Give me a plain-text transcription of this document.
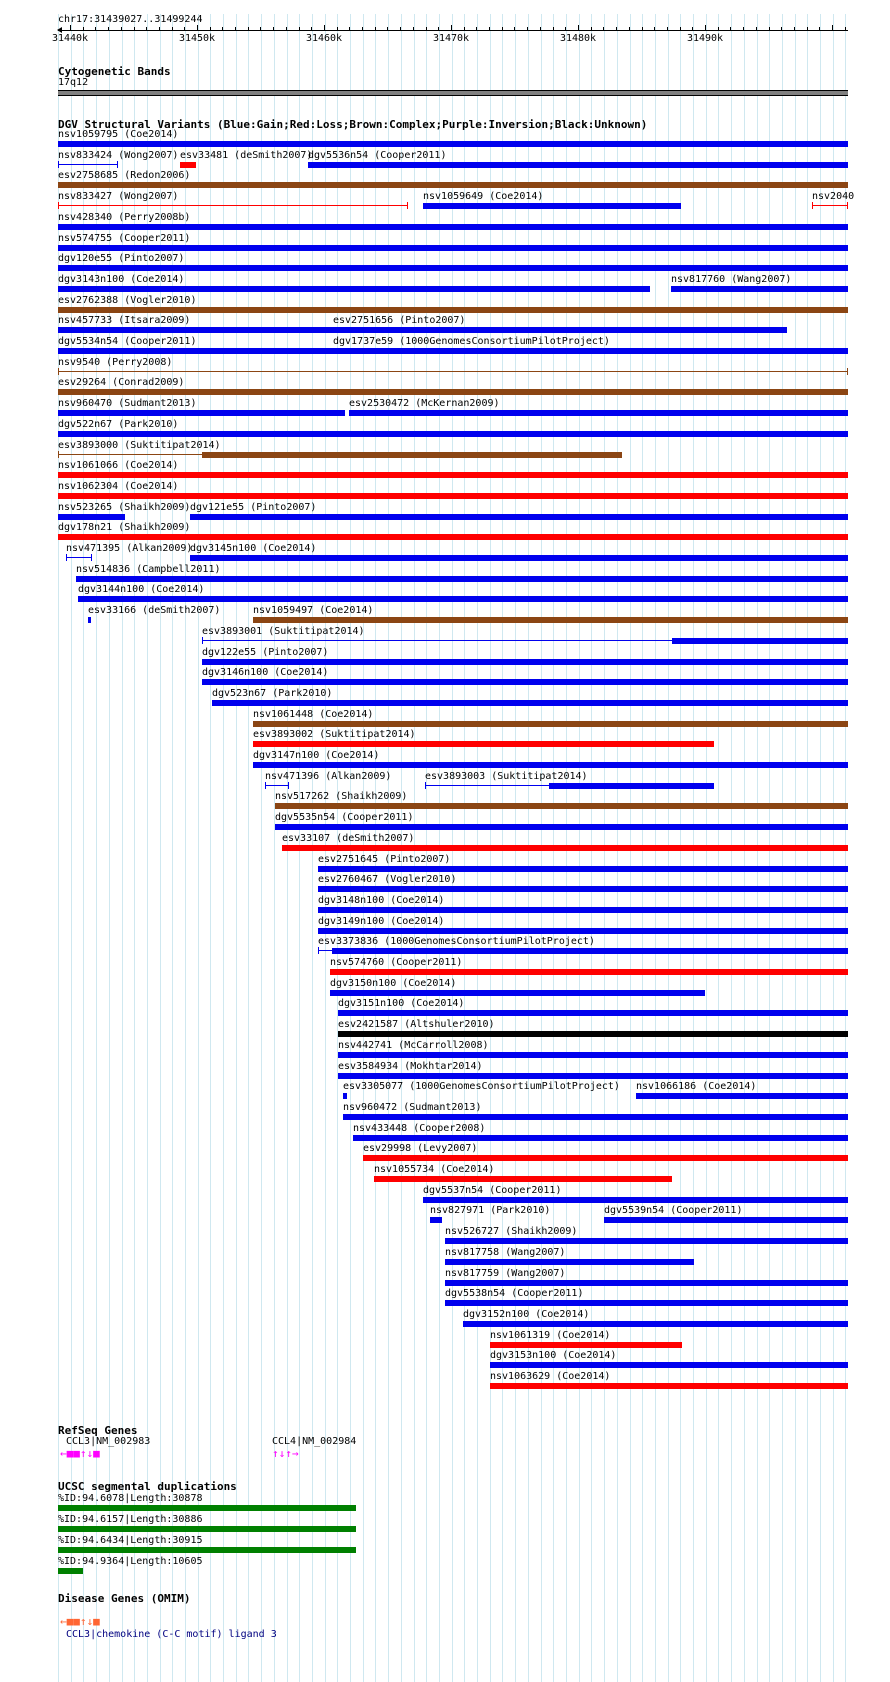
chr17:31439027..31499244
31440k	31450k	31460k	31470k	31480k	31490k
Cytogenetic Bands
17q12
DGV Structural Variants (Blue:Gain;Red:Loss;Brown:Complex;Purple:Inversion;Black:Unknown)
nsv1059795 (Coe2014)
nsv833424 (Wong2007) esv33481 (deSmith2007)
dgv5536n54 (Cooper2011)
esv2758685 (Redon2006)
nsv833427 (Wong2007)	nsv1059649 (Coe2014)	nsv2040
nsv428340 (Perry2008b)
nsv574755 (Cooper2011)
dgv120e55 (Pinto2007)
dgv3143n100 (Coe2014)	nsv817760 (Wang2007)
esv2762388 (Vogler2010)
nsv457733 (Itsara2009)	esv2751656 (Pinto2007)
dgv5534n54 (Cooper2011)	dgv1737e59 (1000GenomesConsortiumPilotProject)
nsv9540 (Perry2008)
esv29264 (Conrad2009)
nsv960470 (Sudmant2013)	esv2530472 (McKernan2009)
dgv522n67 (Park2010)
esv3893000 (Suktitipat2014)
nsv1061066 (Coe2014)
nsv1062304 (Coe2014)
nsv523265 (Shaikh2009) dgv121e55 (Pinto2007)
dgv178n21 (Shaikh2009)
nsv471395 (Alkan2009)
dgv3145n100 (Coe2014)
nsv514836 (Campbell2011)
dgv3144n100 (Coe2014)
esv33166 (deSmith2007)	nsv1059497 (Coe2014)
esv3893001 (Suktitipat2014)
dgv122e55 (Pinto2007)
dgv3146n100 (Coe2014)
dgv523n67 (Park2010)
nsv1061448 (Coe2014)
esv3893002 (Suktitipat2014)
dgv3147n100 (Coe2014)
nsv471396 (Alkan2009)	esv3893003 (Suktitipat2014)
nsv517262 (Shaikh2009)
dgv5535n54 (Cooper2011)
esv33107 (deSmith2007)
esv2751645 (Pinto2007)
esv2760467 (Vogler2010)
dgv3148n100 (Coe2014)
dgv3149n100 (Coe2014)
esv3373836 (1000GenomesConsortiumPilotProject)
nsv574760 (Cooper2011)
dgv3150n100 (Coe2014)
dgv3151n100 (Coe2014)
esv2421587 (Altshuler2010)
nsv442741 (McCarroll2008)
esv3584934 (Mokhtar2014)
esv3305077 (1000GenomesConsortiumPilotProject) nsv1066186 (Coe2014)
nsv960472 (Sudmant2013)
nsv433448 (Cooper2008)
esv29998 (Levy2007)
nsv1055734 (Coe2014)
dgv5537n54 (Cooper2011)
nsv827971 (Park2010)	dgv5539n54 (Cooper2011)
nsv526727 (Shaikh2009)
nsv817758 (Wang2007)
nsv817759 (Wang2007)
dgv5538n54 (Cooper2011)
dgv3152n100 (Coe2014)
nsv1061319 (Coe2014)
dgv3153n100 (Coe2014)
nsv1063629 (Coe2014)
RefSeq Genes
CCL3|NM_002983
←■■↑↓■
CCL4|NM_002984
↑↓↑→
UCSC segmental duplications
%ID:94.6078|Length:30878
%ID:94.6157|Length:30886
%ID:94.6434|Length:30915
%ID:94.9364|Length:10605
Disease Genes (OMIM)
←■■↑↓■
CCL3|chemokine (C-C motif) ligand 3
